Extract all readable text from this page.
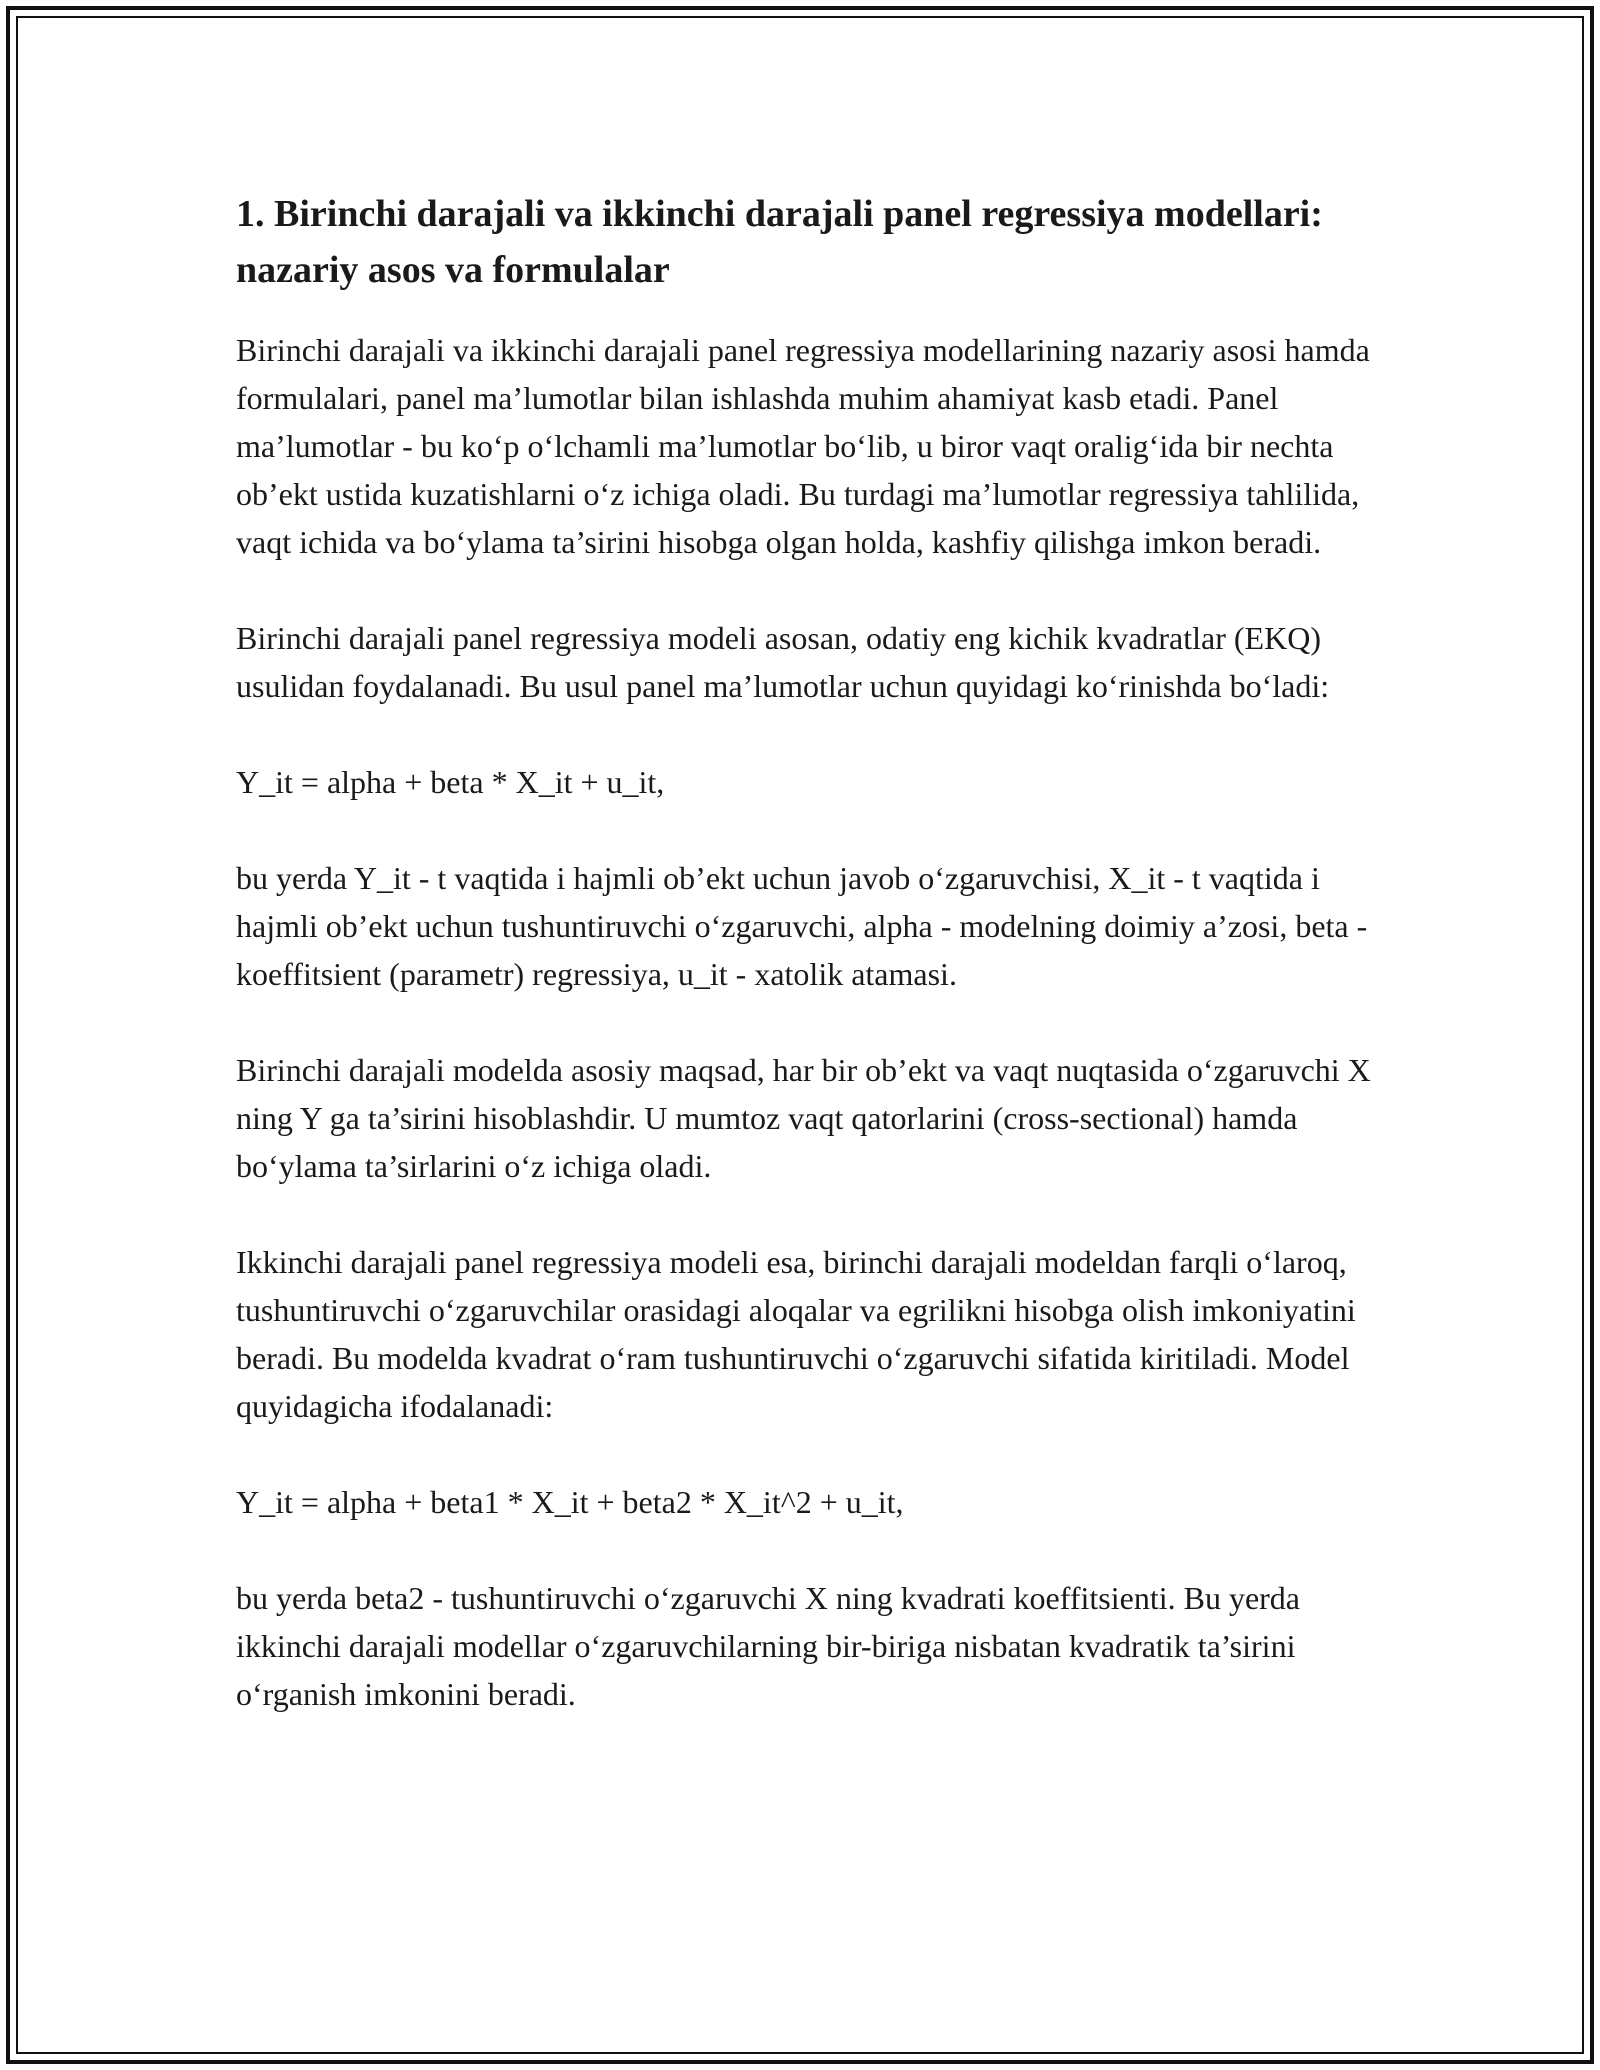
1. Birinchi darajali va ikkinchi darajali panel regressiya modellari: nazariy asos va formulalar

Birinchi darajali va ikkinchi darajali panel regressiya modellarining nazariy asosi hamda formulalari, panel ma’lumotlar bilan ishlashda muhim ahamiyat kasb etadi. Panel ma’lumotlar - bu ko‘p o‘lchamli ma’lumotlar bo‘lib, u biror vaqt oralig‘ida bir nechta ob’ekt ustida kuzatishlarni o‘z ichiga oladi. Bu turdagi ma’lumotlar regressiya tahlilida, vaqt ichida va bo‘ylama ta’sirini hisobga olgan holda, kashfiy qilishga imkon beradi.

Birinchi darajali panel regressiya modeli asosan, odatiy eng kichik kvadratlar (EKQ) usulidan foydalanadi. Bu usul panel ma’lumotlar uchun quyidagi ko‘rinishda bo‘ladi:

Y_it = alpha + beta * X_it + u_it,

bu yerda Y_it - t vaqtida i hajmli ob’ekt uchun javob o‘zgaruvchisi, X_it - t vaqtida i hajmli ob’ekt uchun tushuntiruvchi o‘zgaruvchi, alpha - modelning doimiy a’zosi, beta - koeffitsient (parametr) regressiya, u_it - xatolik atamasi.

Birinchi darajali modelda asosiy maqsad, har bir ob’ekt va vaqt nuqtasida o‘zgaruvchi X ning Y ga ta’sirini hisoblashdir. U mumtoz vaqt qatorlarini (cross-sectional) hamda bo‘ylama ta’sirlarini o‘z ichiga oladi.

Ikkinchi darajali panel regressiya modeli esa, birinchi darajali modeldan farqli o‘laroq, tushuntiruvchi o‘zgaruvchilar orasidagi aloqalar va egrilikni hisobga olish imkoniyatini beradi. Bu modelda kvadrat o‘ram tushuntiruvchi o‘zgaruvchi sifatida kiritiladi. Model quyidagicha ifodalanadi:

Y_it = alpha + beta1 * X_it + beta2 * X_it^2 + u_it,

bu yerda beta2 - tushuntiruvchi o‘zgaruvchi X ning kvadrati koeffitsienti. Bu yerda ikkinchi darajali modellar o‘zgaruvchilarning bir-biriga nisbatan kvadratik ta’sirini o‘rganish imkonini beradi.
